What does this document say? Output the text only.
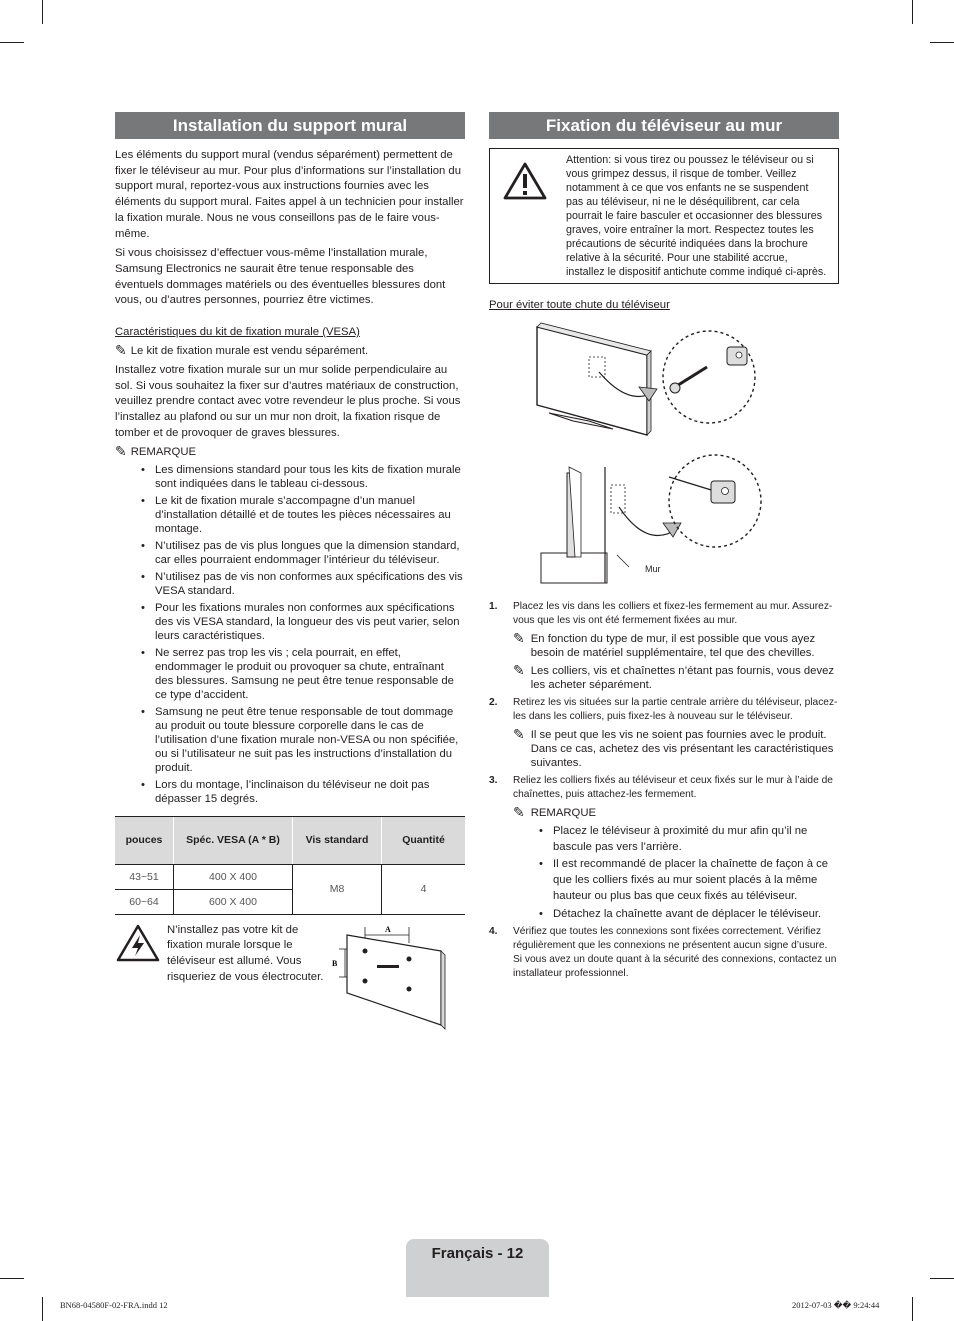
Installation du support mural

Les éléments du support mural (vendus séparément) permettent de fixer le téléviseur au mur. Pour plus d’informations sur l’installation du support mural, reportez-vous aux instructions fournies avec les éléments du support mural. Faites appel à un technicien pour installer la fixation murale. Nous ne vous conseillons pas de le faire vous-même.

Si vous choisissez d’effectuer vous-même l’installation murale, Samsung Electronics ne saurait être tenue responsable des éventuels dommages matériels ou des éventuelles blessures dont vous, ou d’autres personnes, pourriez être victimes.

Caractéristiques du kit de fixation murale (VESA)
✎ Le kit de fixation murale est vendu séparément.

Installez votre fixation murale sur un mur solide perpendiculaire au sol. Si vous souhaitez la fixer sur d’autres matériaux de construction, veuillez prendre contact avec votre revendeur le plus proche. Si vous l’installez au plafond ou sur un mur non droit, la fixation risque de tomber et de provoquer de graves blessures.

✎ REMARQUE
• Les dimensions standard pour tous les kits de fixation murale sont indiquées dans le tableau ci-dessous.
• Le kit de fixation murale s’accompagne d’un manuel d’installation détaillé et de toutes les pièces nécessaires au montage.
• N’utilisez pas de vis plus longues que la dimension standard, car elles pourraient endommager l’intérieur du téléviseur.
• N’utilisez pas de vis non conformes aux spécifications des vis VESA standard.
• Pour les fixations murales non conformes aux spécifications des vis VESA standard, la longueur des vis peut varier, selon leurs caractéristiques.
• Ne serrez pas trop les vis ; cela pourrait, en effet, endommager le produit ou provoquer sa chute, entraînant des blessures. Samsung ne peut être tenue responsable de ce type d’accident.
• Samsung ne peut être tenue responsable de tout dommage au produit ou toute blessure corporelle dans le cas de l’utilisation d’une fixation murale non-VESA ou non spécifiée, ou si l’utilisateur ne suit pas les instructions d’installation du produit.
• Lors du montage, l’inclinaison du téléviseur ne doit pas dépasser 15 degrés.
pouces	Spéc. VESA (A * B)	Vis standard	Quantité
43~51	400 X 400	M8	4
60~64	600 X 400		
N’installez pas votre kit de fixation murale lorsque le téléviseur est allumé. Vous risqueriez de vous électrocuter.
A
B
Fixation du téléviseur au mur
Attention: si vous tirez ou poussez le téléviseur ou si vous grimpez dessus, il risque de tomber. Veillez notamment à ce que vos enfants ne se suspendent pas au téléviseur, ni ne le déséquilibrent, car cela pourrait le faire basculer et occasionner des blessures graves, voire entraîner la mort. Respectez toutes les précautions de sécurité indiquées dans la brochure relative à la sécurité. Pour une stabilité accrue, installez le dispositif antichute comme indiqué ci-après.
Pour éviter toute chute du téléviseur
Mur
1.	Placez les vis dans les colliers et fixez-les fermement au mur. Assurez-vous que les vis ont été fermement fixées au mur.
✎ En fonction du type de mur, il est possible que vous ayez besoin de matériel supplémentaire, tel que des chevilles.
✎ Les colliers, vis et chaînettes n’étant pas fournis, vous devez les acheter séparément.
2.	Retirez les vis situées sur la partie centrale arrière du téléviseur, placez-les dans les colliers, puis fixez-les à nouveau sur le téléviseur.
✎ Il se peut que les vis ne soient pas fournies avec le produit. Dans ce cas, achetez des vis présentant les caractéristiques suivantes.
3.	Reliez les colliers fixés au téléviseur et ceux fixés sur le mur à l’aide de chaînettes, puis attachez-les fermement.
✎ REMARQUE
• Placez le téléviseur à proximité du mur afin qu’il ne bascule pas vers l’arrière.
• Il est recommandé de placer la chaînette de façon à ce que les colliers fixés au mur soient placés à la même hauteur ou plus bas que ceux fixés au téléviseur.
• Détachez la chaînette avant de déplacer le téléviseur.
4.	Vérifiez que toutes les connexions sont fixées correctement. Vérifiez régulièrement que les connexions ne présentent aucun signe d’usure. Si vous avez un doute quant à la sécurité des connexions, contactez un installateur professionnel.
Français - 12
BN68-04580F-02-FRA.indd 12	2012-07-03 �� 9:24:44
